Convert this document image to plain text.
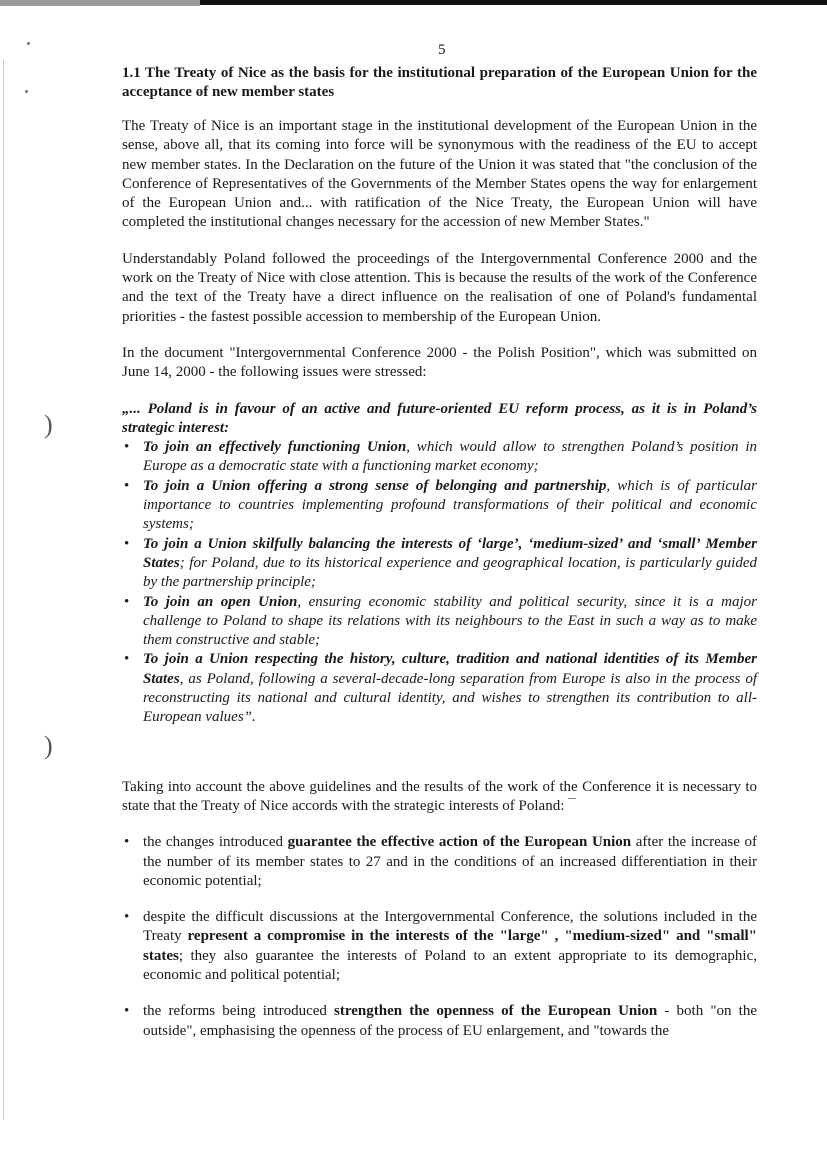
)
)
5
1.1 The Treaty of Nice as the basis for the institutional preparation of the European Union for the acceptance of new member states

The Treaty of Nice is an important stage in the institutional development of the European Union in the sense, above all, that its coming into force will be synonymous with the readiness of the EU to accept new member states. In the Declaration on the future of the Union it was stated that "the conclusion of the Conference of Representatives of the Governments of the Member States opens the way for enlargement of the European Union and... with ratification of the Nice Treaty, the European Union will have completed the institutional changes necessary for the accession of new Member States."

Understandably Poland followed the proceedings of the Intergovernmental Conference 2000 and the work on the Treaty of Nice with close attention. This is because the results of the work of the Conference and the text of the Treaty have a direct influence on the realisation of one of Poland's fundamental priorities - the fastest possible accession to membership of the European Union.

In the document "Intergovernmental Conference 2000 - the Polish Position", which was submitted on June 14, 2000 - the following issues were stressed:

„... Poland is in favour of an active and future-oriented EU reform process, as it is in Poland’s strategic interest:
• To join an effectively functioning Union, which would allow to strengthen Poland’s position in Europe as a democratic state with a functioning market economy;
• To join a Union offering a strong sense of belonging and partnership, which is of particular importance to countries implementing profound transformations of their political and economic systems;
• To join a Union skilfully balancing the interests of ‘large’, ‘medium-sized’ and ‘small’ Member States; for Poland, due to its historical experience and geographical location, is particularly guided by the partnership principle;
• To join an open Union, ensuring economic stability and political security, since it is a major challenge to Poland to shape its relations with its neighbours to the East in such a way as to make them constructive and stable;
• To join a Union respecting the history, culture, tradition and national identities of its Member States, as Poland, following a several-decade-long separation from Europe is also in the process of reconstructing its national and cultural identity, and wishes to strengthen its contribution to all-European values”.

Taking into account the above guidelines and the results of the work of the Conference it is necessary to state that the Treaty of Nice accords with the strategic interests of Poland:

• the changes introduced guarantee the effective action of the European Union after the increase of the number of its member states to 27 and in the conditions of an increased differentiation in their economic potential;
• despite the difficult discussions at the Intergovernmental Conference, the solutions included in the Treaty represent a compromise in the interests of the "large" , "medium-sized" and "small" states; they also guarantee the interests of Poland to an extent appropriate to its demographic, economic and political potential;
• the reforms being introduced strengthen the openness of the European Union - both "on the outside", emphasising the openness of the process of EU enlargement, and "towards the
